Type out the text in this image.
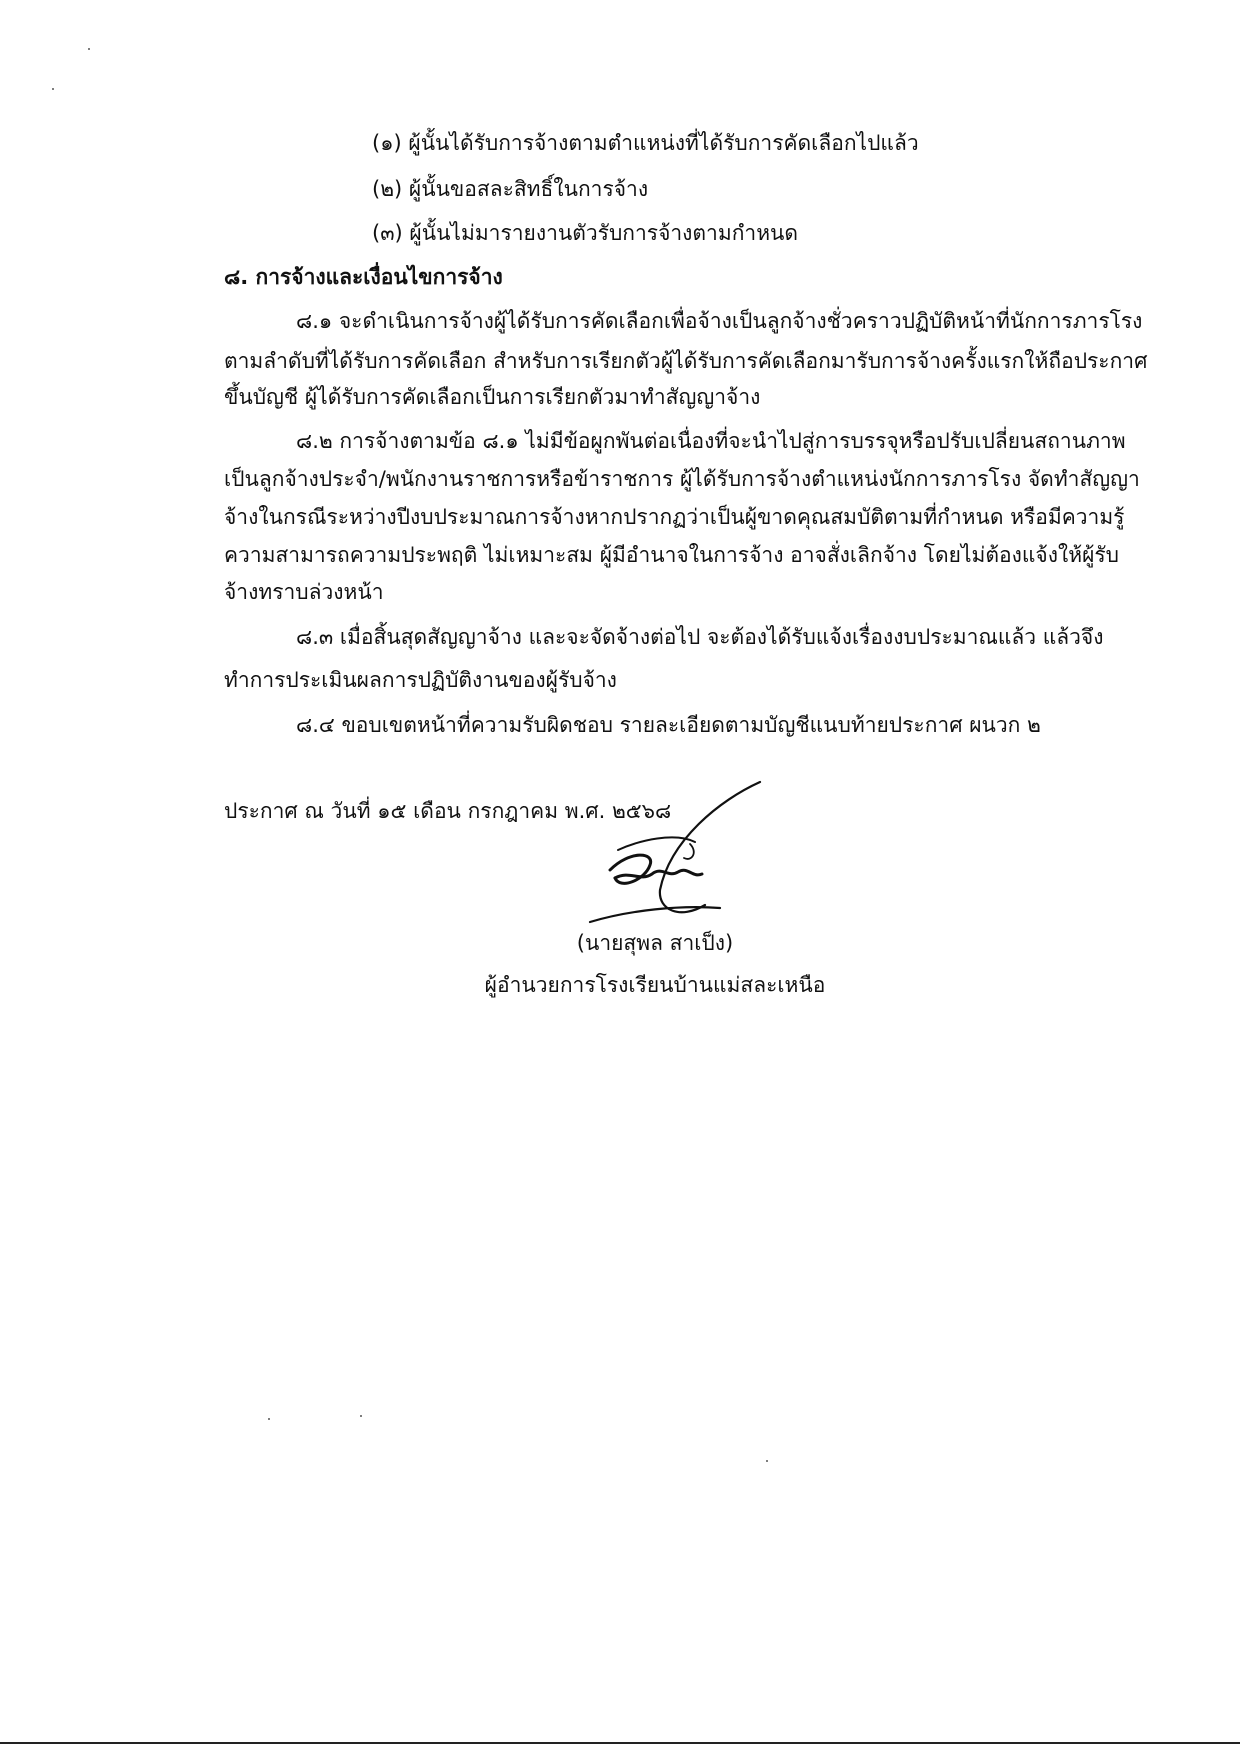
(๑) ผู้นั้นได้รับการจ้างตามตำแหน่งที่ได้รับการคัดเลือกไปแล้ว
(๒) ผู้นั้นขอสละสิทธิ์ในการจ้าง
(๓) ผู้นั้นไม่มารายงานตัวรับการจ้างตามกำหนด
๘. การจ้างและเงื่อนไขการจ้าง
๘.๑ จะดำเนินการจ้างผู้ได้รับการคัดเลือกเพื่อจ้างเป็นลูกจ้างชั่วคราวปฏิบัติหน้าที่นักการภารโรง
ตามลำดับที่ได้รับการคัดเลือก สำหรับการเรียกตัวผู้ได้รับการคัดเลือกมารับการจ้างครั้งแรกให้ถือประกาศ
ขึ้นบัญชี ผู้ได้รับการคัดเลือกเป็นการเรียกตัวมาทำสัญญาจ้าง
๘.๒ การจ้างตามข้อ ๘.๑ ไม่มีข้อผูกพันต่อเนื่องที่จะนำไปสู่การบรรจุหรือปรับเปลี่ยนสถานภาพ
เป็นลูกจ้างประจำ/พนักงานราชการหรือข้าราชการ ผู้ได้รับการจ้างตำแหน่งนักการภารโรง จัดทำสัญญา
จ้างในกรณีระหว่างปีงบประมาณการจ้างหากปรากฏว่าเป็นผู้ขาดคุณสมบัติตามที่กำหนด หรือมีความรู้
ความสามารถความประพฤติ ไม่เหมาะสม ผู้มีอำนาจในการจ้าง อาจสั่งเลิกจ้าง โดยไม่ต้องแจ้งให้ผู้รับ
จ้างทราบล่วงหน้า
๘.๓ เมื่อสิ้นสุดสัญญาจ้าง และจะจัดจ้างต่อไป จะต้องได้รับแจ้งเรื่องงบประมาณแล้ว แล้วจึง
ทำการประเมินผลการปฏิบัติงานของผู้รับจ้าง
๘.๔ ขอบเขตหน้าที่ความรับผิดชอบ รายละเอียดตามบัญชีแนบท้ายประกาศ ผนวก ๒
ประกาศ ณ วันที่ ๑๕ เดือน กรกฎาคม พ.ศ. ๒๕๖๘
(นายสุพล สาเป็ง)
ผู้อำนวยการโรงเรียนบ้านแม่สละเหนือ
